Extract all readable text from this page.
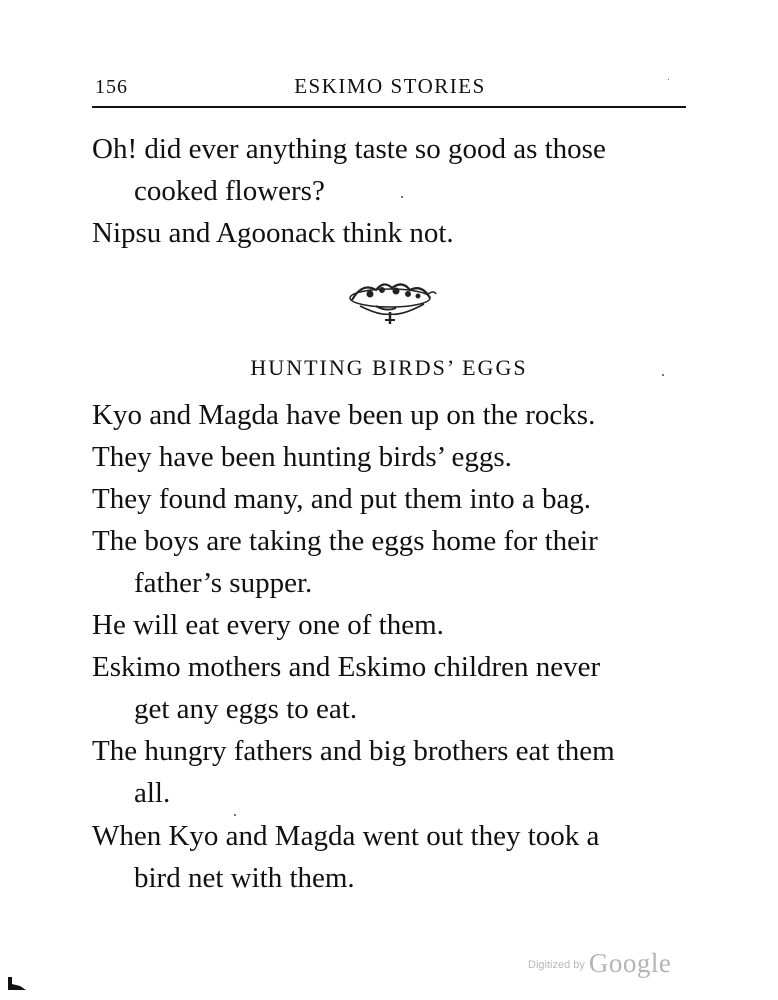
156	ESKIMO STORIES
Oh! did ever anything taste so good as those
cooked flowers?
Nipsu and Agoonack think not.
HUNTING BIRDS’ EGGS
Kyo and Magda have been up on the rocks.
They have been hunting birds’ eggs.
They found many, and put them into a bag.
The boys are taking the eggs home for their
father’s supper.
He will eat every one of them.
Eskimo mothers and Eskimo children never
get any eggs to eat.
The hungry fathers and big brothers eat them
all.
When Kyo and Magda went out they took a
bird net with them.
$^{Digitized by}$ Google
